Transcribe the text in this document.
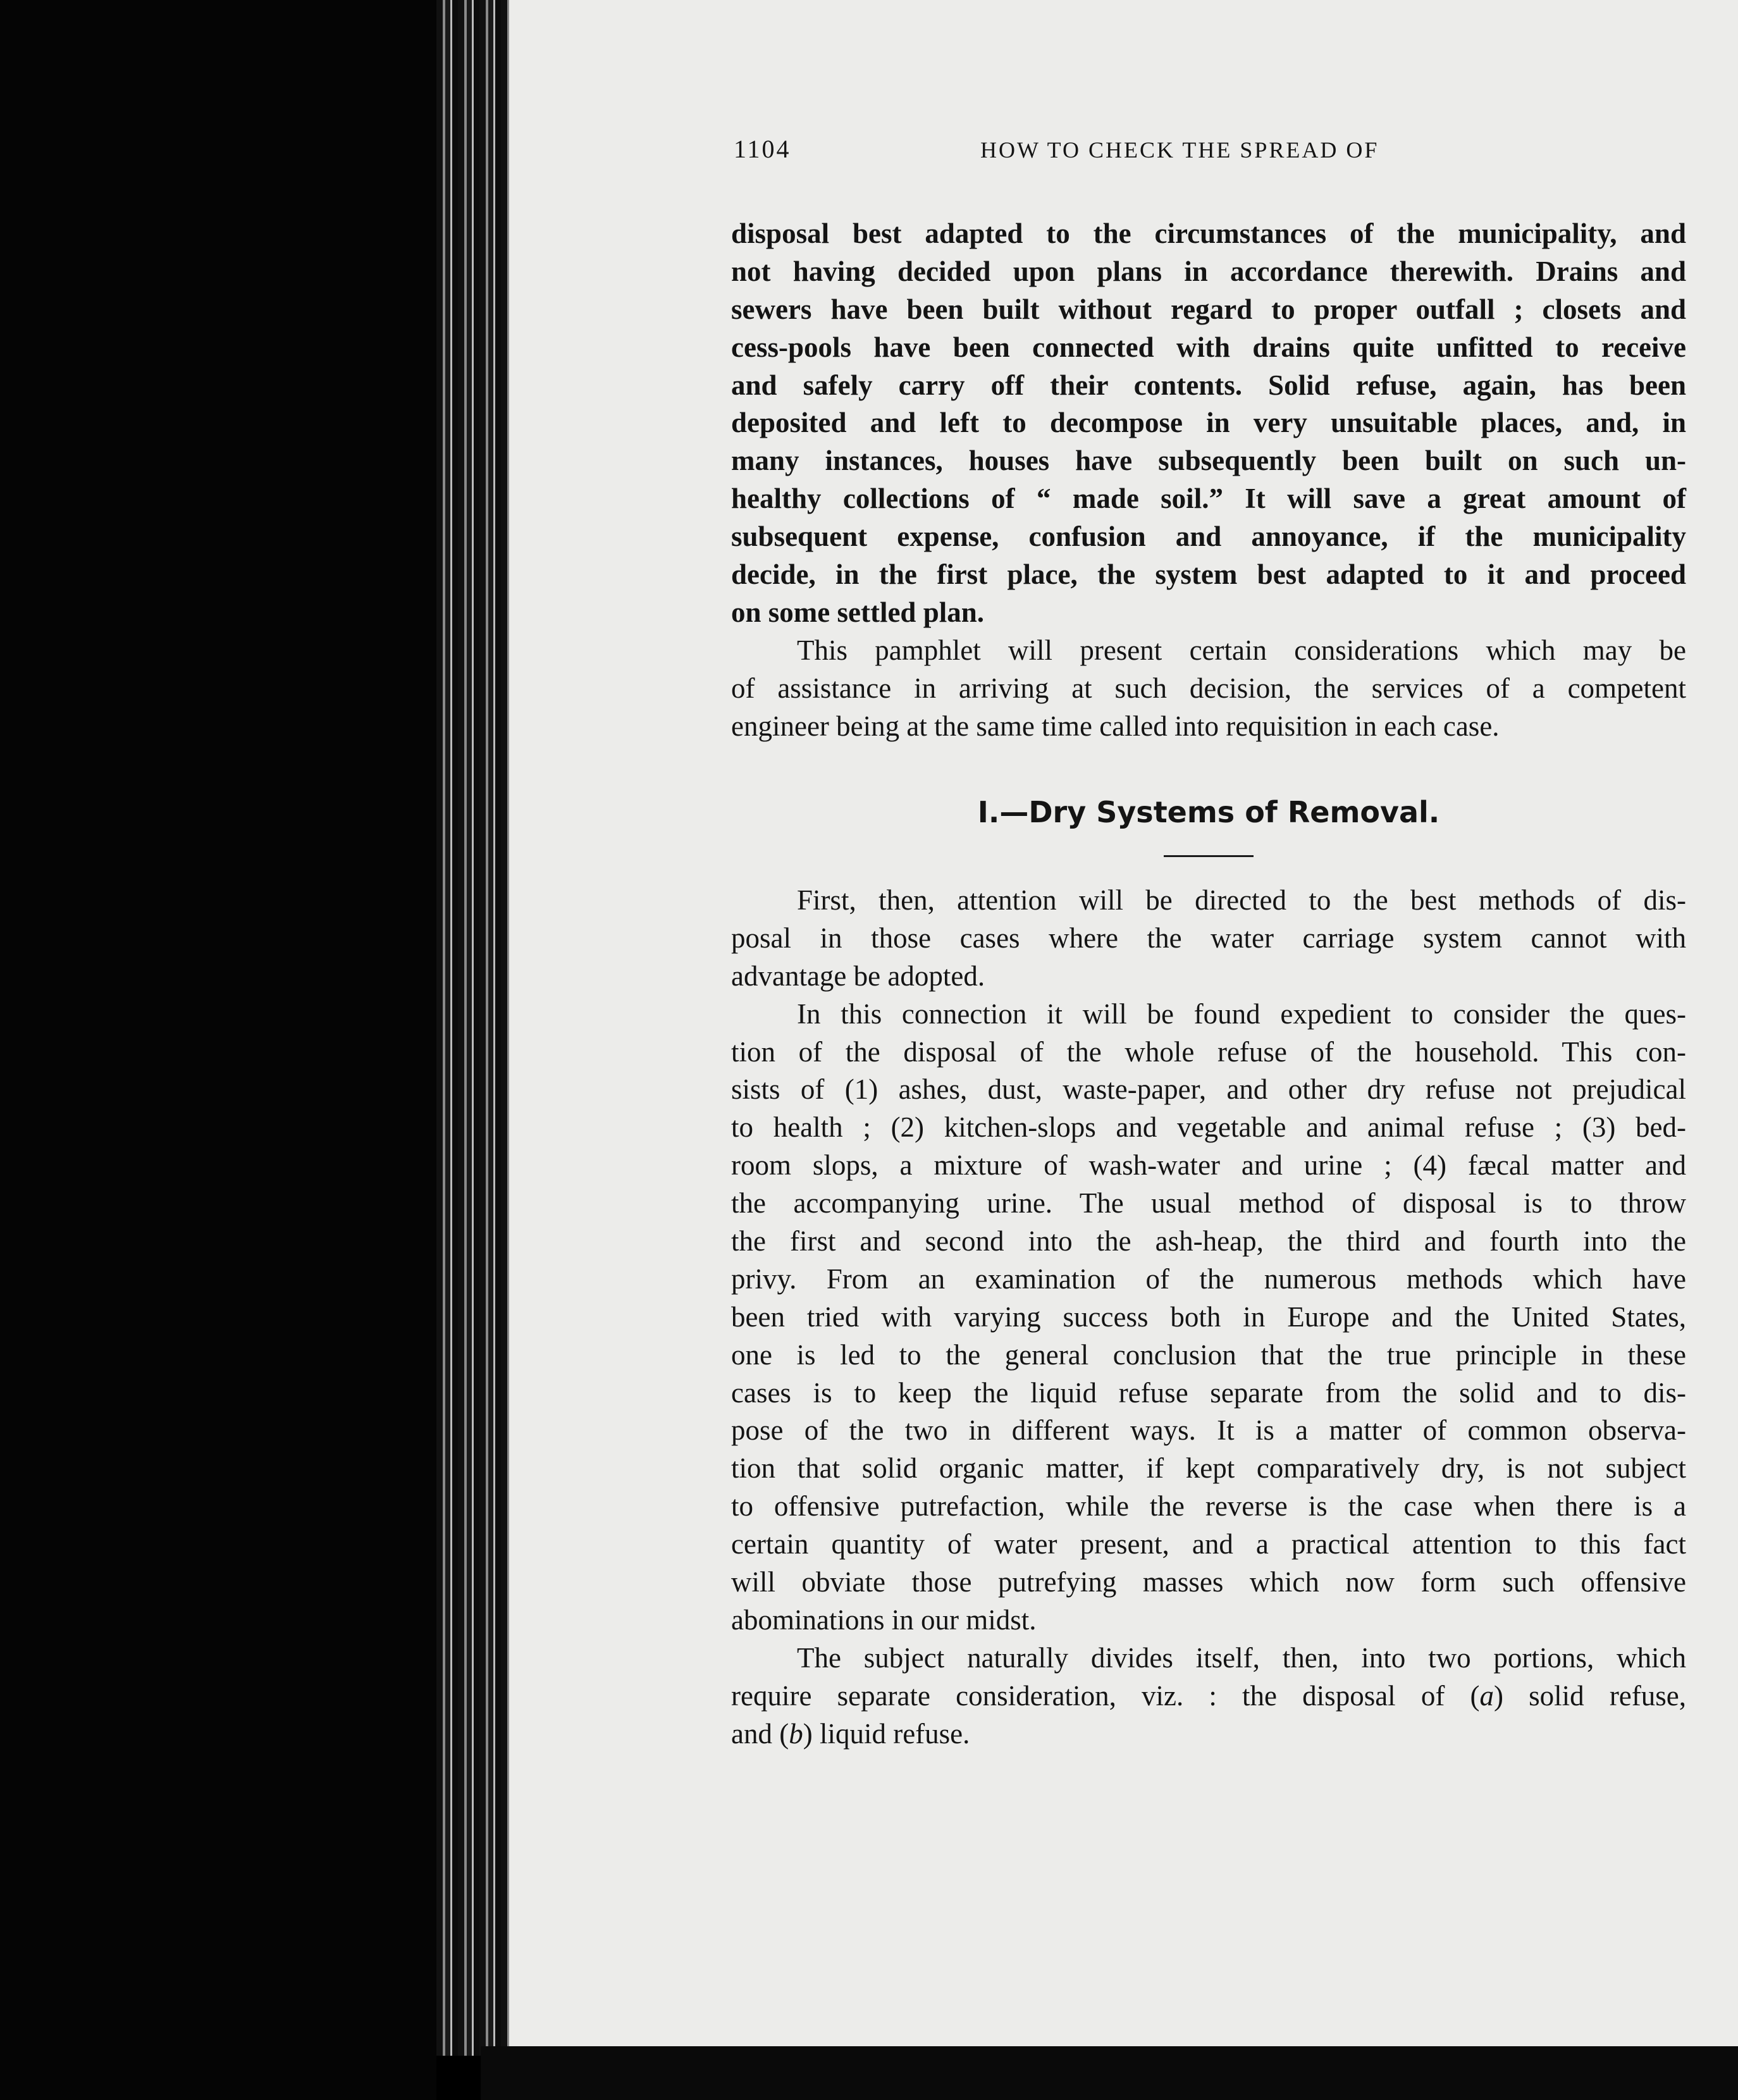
1104	HOW TO CHECK THE SPREAD OF
disposal best adapted to the circumstances of the municipality, and
not having decided upon plans in accordance therewith. Drains and
sewers have been built without regard to proper outfall ; closets and
cess-pools have been connected with drains quite unfitted to receive
and safely carry off their contents. Solid refuse, again, has been
deposited and left to decompose in very unsuitable places, and, in
many instances, houses have subsequently been built on such un-
healthy collections of “ made soil.” It will save a great amount of
subsequent expense, confusion and annoyance, if the municipality
decide, in the first place, the system best adapted to it and proceed
on some settled plan.
This pamphlet will present certain considerations which may be
of assistance in arriving at such decision, the services of a competent
engineer being at the same time called into requisition in each case.
I.—Dry Systems of Removal.
First, then, attention will be directed to the best methods of dis-
posal in those cases where the water carriage system cannot with
advantage be adopted.
In this connection it will be found expedient to consider the ques-
tion of the disposal of the whole refuse of the household. This con-
sists of (1) ashes, dust, waste-paper, and other dry refuse not prejudical
to health ; (2) kitchen-slops and vegetable and animal refuse ; (3) bed-
room slops, a mixture of wash-water and urine ; (4) fæcal matter and
the accompanying urine. The usual method of disposal is to throw
the first and second into the ash-heap, the third and fourth into the
privy. From an examination of the numerous methods which have
been tried with varying success both in Europe and the United States,
one is led to the general conclusion that the true principle in these
cases is to keep the liquid refuse separate from the solid and to dis-
pose of the two in different ways. It is a matter of common observa-
tion that solid organic matter, if kept comparatively dry, is not subject
to offensive putrefaction, while the reverse is the case when there is a
certain quantity of water present, and a practical attention to this fact
will obviate those putrefying masses which now form such offensive
abominations in our midst.
The subject naturally divides itself, then, into two portions, which
require separate consideration, viz. : the disposal of (a) solid refuse,
and (b) liquid refuse.
